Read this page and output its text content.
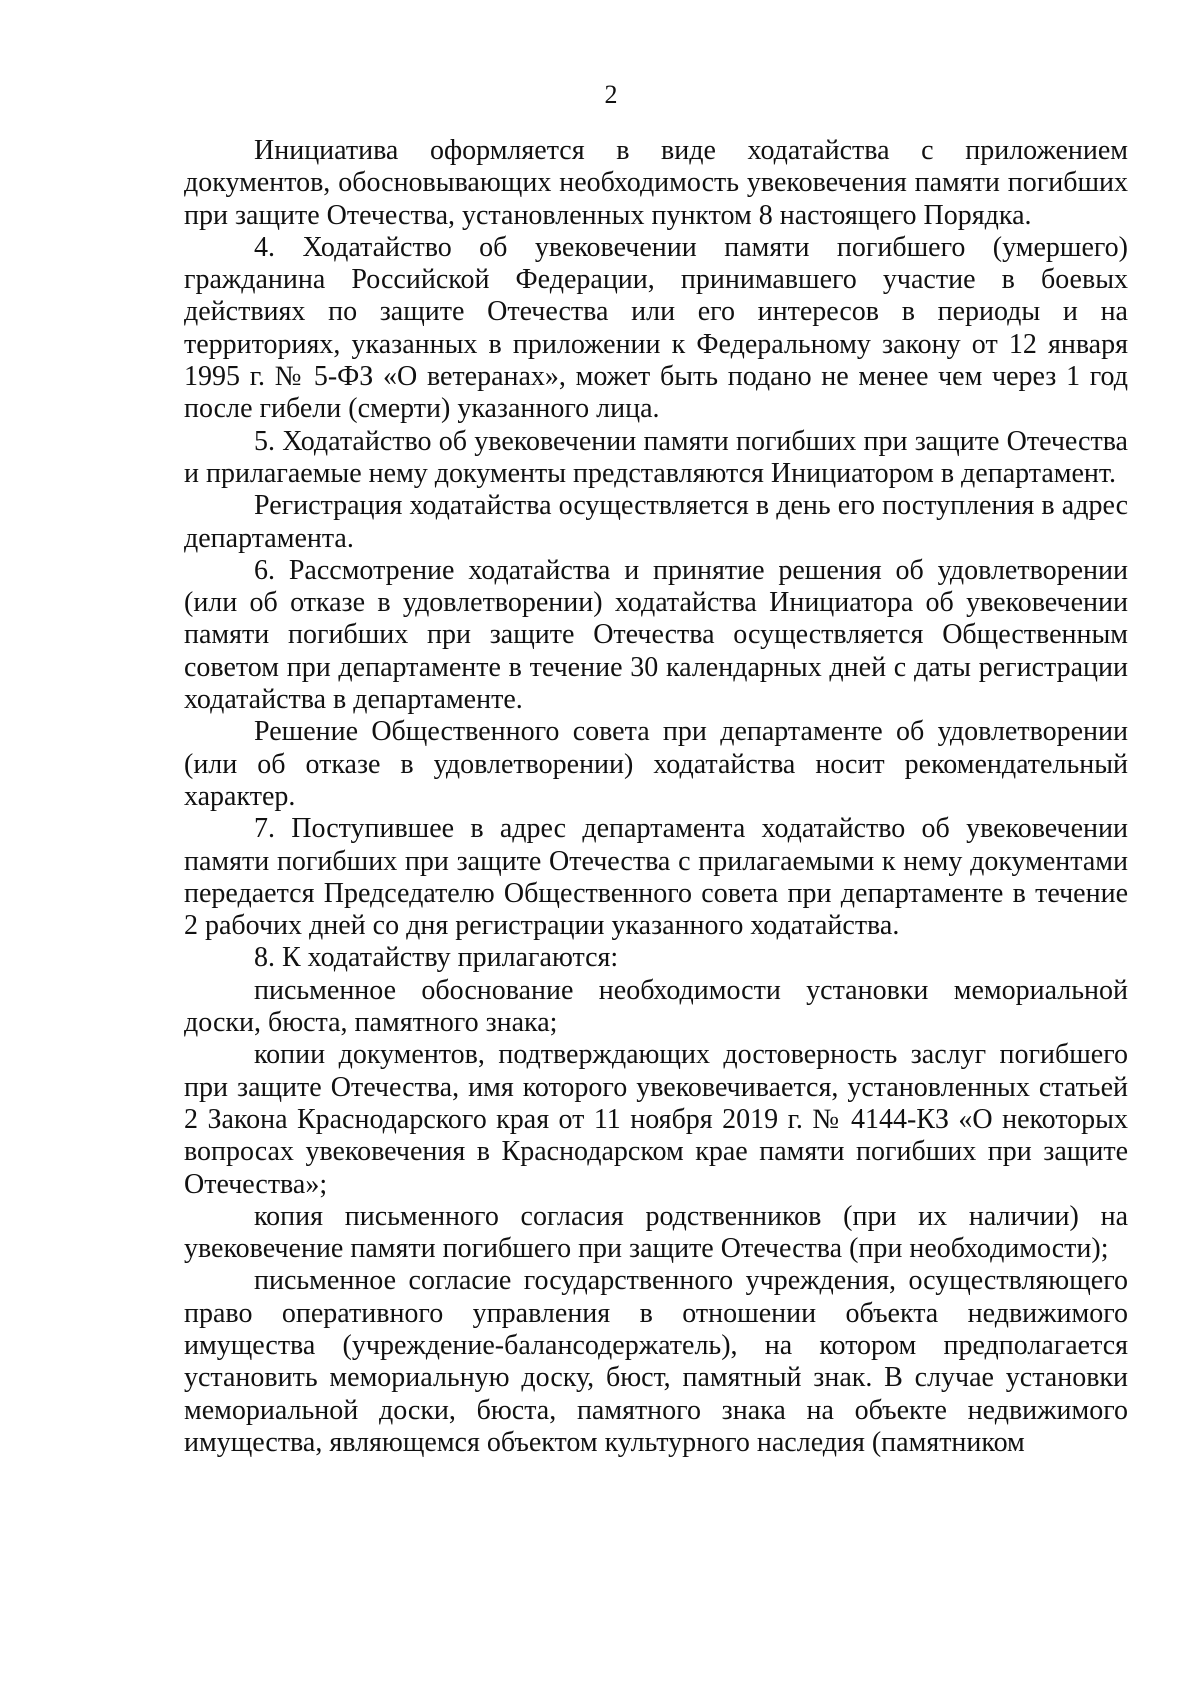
2

Инициатива оформляется в виде ходатайства с приложением документов, обосновывающих необходимость увековечения памяти погибших при защите Отечества, установленных пунктом 8 настоящего Порядка.

4. Ходатайство об увековечении памяти погибшего (умершего) гражданина Российской Федерации, принимавшего участие в боевых действиях по защите Отечества или его интересов в периоды и на территориях, указанных в приложении к Федеральному закону от 12 января 1995 г. № 5-ФЗ «О ветеранах», может быть подано не менее чем через 1 год после гибели (смерти) указанного лица.

5. Ходатайство об увековечении памяти погибших при защите Отечества и прилагаемые нему документы представляются Инициатором в департамент.

Регистрация ходатайства осуществляется в день его поступления в адрес департамента.

6. Рассмотрение ходатайства и принятие решения об удовлетворении (или об отказе в удовлетворении) ходатайства Инициатора об увековечении памяти погибших при защите Отечества осуществляется Общественным советом при департаменте в течение 30 календарных дней с даты регистрации ходатайства в департаменте.

Решение Общественного совета при департаменте об удовлетворении (или об отказе в удовлетворении) ходатайства носит рекомендательный характер.

7. Поступившее в адрес департамента ходатайство об увековечении памяти погибших при защите Отечества с прилагаемыми к нему документами передается Председателю Общественного совета при департаменте в течение 2 рабочих дней со дня регистрации указанного ходатайства.

8. К ходатайству прилагаются:

письменное обоснование необходимости установки мемориальной доски, бюста, памятного знака;

копии документов, подтверждающих достоверность заслуг погибшего при защите Отечества, имя которого увековечивается, установленных статьей 2 Закона Краснодарского края от 11 ноября 2019 г. № 4144-КЗ «О некоторых вопросах увековечения в Краснодарском крае памяти погибших при защите Отечества»;

копия письменного согласия родственников (при их наличии) на увековечение памяти погибшего при защите Отечества (при необходимости);

письменное согласие государственного учреждения, осуществляющего право оперативного управления в отношении объекта недвижимого имущества (учреждение-балансодержатель), на котором предполагается установить мемориальную доску, бюст, памятный знак. В случае установки мемориальной доски, бюста, памятного знака на объекте недвижимого имущества, являющемся объектом культурного наследия (памятником
